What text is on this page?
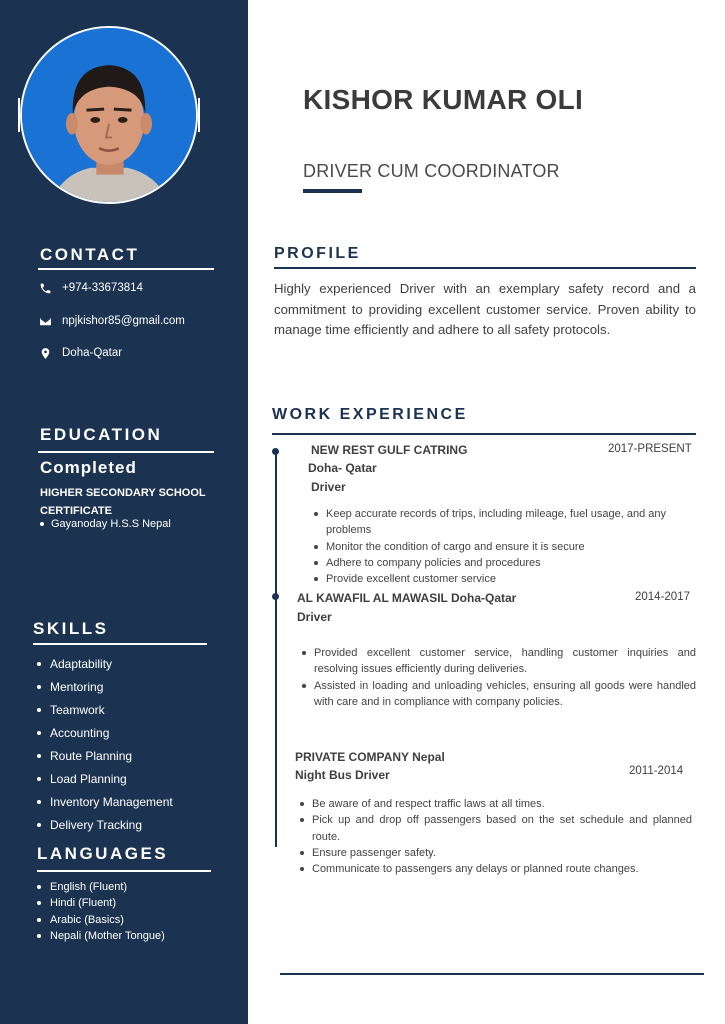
CONTACT
+974-33673814
npjkishor85@gmail.com
Doha-Qatar
EDUCATION
Completed
HIGHER SECONDARY SCHOOL CERTIFICATE
Gayanoday H.S.S Nepal
SKILLS
Adaptability
Mentoring
Teamwork
Accounting
Route Planning
Load Planning
Inventory Management
Delivery Tracking
LANGUAGES
English (Fluent)
Hindi (Fluent)
Arabic (Basics)
Nepali (Mother Tongue)
KISHOR KUMAR OLI
DRIVER CUM COORDINATOR
PROFILE
Highly experienced Driver with an exemplary safety record and a commitment to providing excellent customer service. Proven ability to manage time efficiently and adhere to all safety protocols.
WORK EXPERIENCE
NEW REST GULF CATRING	2017-PRESENT
Doha- Qatar
Driver
Keep accurate records of trips, including mileage, fuel usage, and any problems
Monitor the condition of cargo and ensure it is secure
Adhere to company policies and procedures
Provide excellent customer service
AL KAWAFIL AL MAWASIL Doha-Qatar	2014-2017
Driver
Provided excellent customer service, handling customer inquiries and resolving issues efficiently during deliveries.
Assisted in loading and unloading vehicles, ensuring all goods were handled with care and in compliance with company policies.
PRIVATE COMPANY Nepal
2011-2014
Night Bus Driver
Be aware of and respect traffic laws at all times.
Pick up and drop off passengers based on the set schedule and planned route.
Ensure passenger safety.
Communicate to passengers any delays or planned route changes.
